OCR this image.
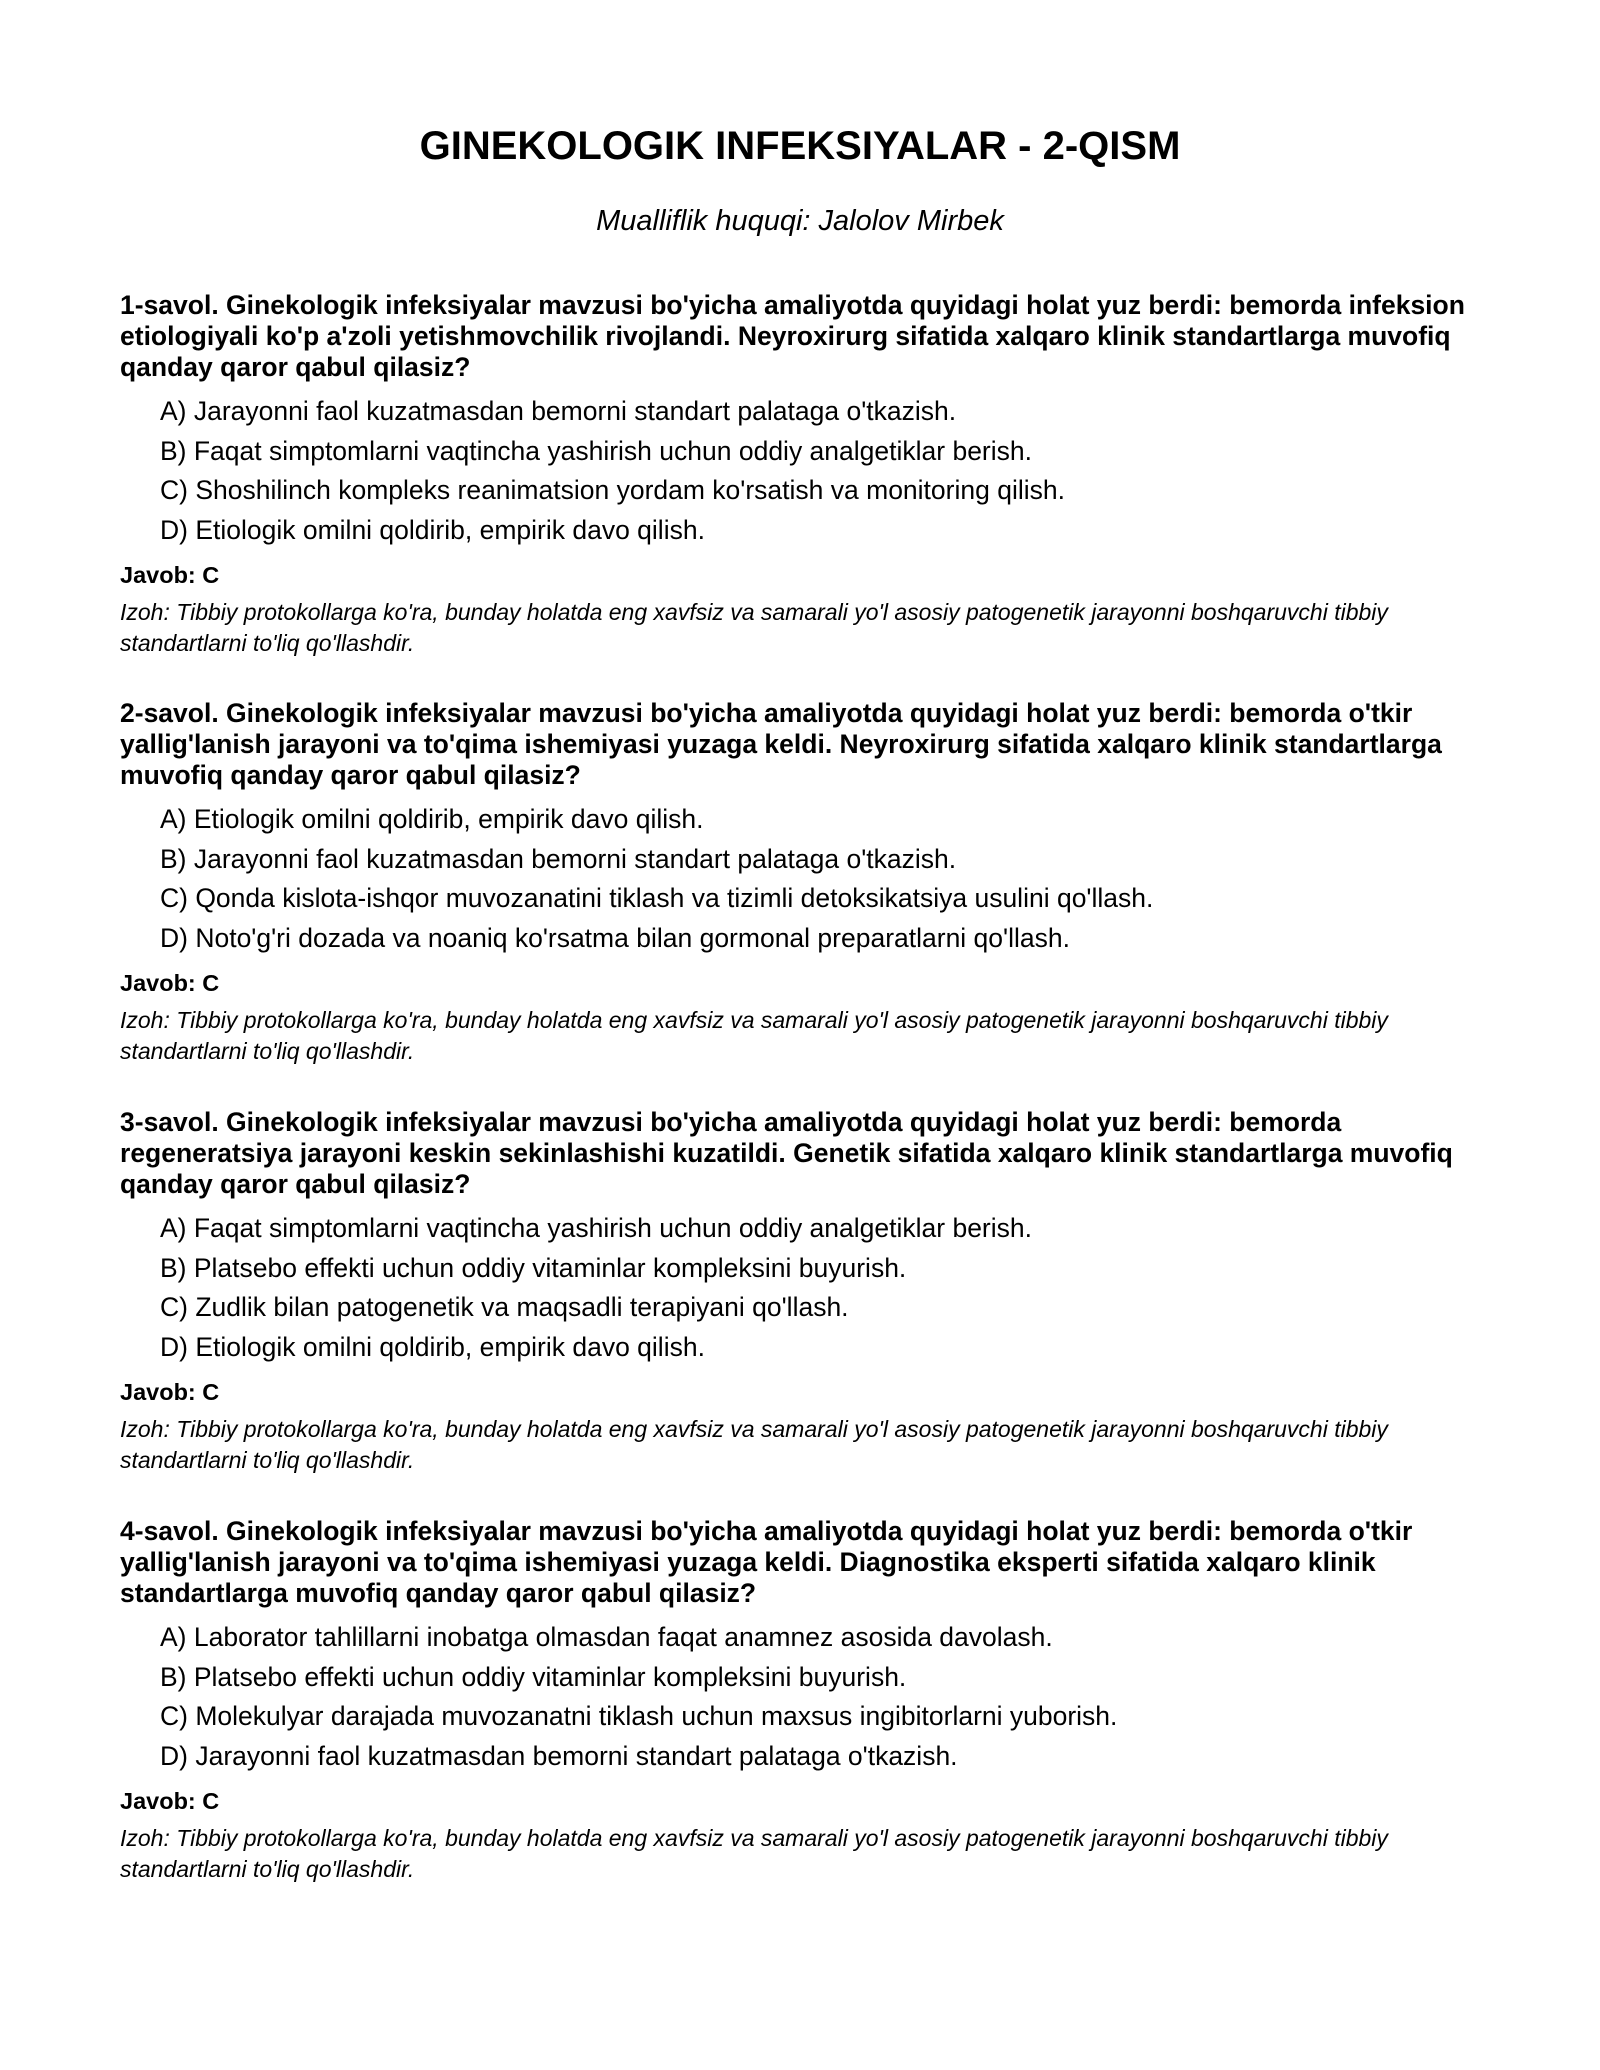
GINEKOLOGIK INFEKSIYALAR - 2-QISM

Mualliflik huquqi: Jalolov Mirbek

1-savol. Ginekologik infeksiyalar mavzusi bo'yicha amaliyotda quyidagi holat yuz berdi: bemorda infeksion etiologiyali ko'p a'zoli yetishmovchilik rivojlandi. Neyroxirurg sifatida xalqaro klinik standartlarga muvofiq qanday qaror qabul qilasiz?

A) Jarayonni faol kuzatmasdan bemorni standart palataga o'tkazish.
B) Faqat simptomlarni vaqtincha yashirish uchun oddiy analgetiklar berish.
C) Shoshilinch kompleks reanimatsion yordam ko'rsatish va monitoring qilish.
D) Etiologik omilni qoldirib, empirik davo qilish.

Javob: C

Izoh: Tibbiy protokollarga ko'ra, bunday holatda eng xavfsiz va samarali yo'l asosiy patogenetik jarayonni boshqaruvchi tibbiy standartlarni to'liq qo'llashdir.

2-savol. Ginekologik infeksiyalar mavzusi bo'yicha amaliyotda quyidagi holat yuz berdi: bemorda o'tkir yallig'lanish jarayoni va to'qima ishemiyasi yuzaga keldi. Neyroxirurg sifatida xalqaro klinik standartlarga muvofiq qanday qaror qabul qilasiz?

A) Etiologik omilni qoldirib, empirik davo qilish.
B) Jarayonni faol kuzatmasdan bemorni standart palataga o'tkazish.
C) Qonda kislota-ishqor muvozanatini tiklash va tizimli detoksikatsiya usulini qo'llash.
D) Noto'g'ri dozada va noaniq ko'rsatma bilan gormonal preparatlarni qo'llash.

Javob: C

Izoh: Tibbiy protokollarga ko'ra, bunday holatda eng xavfsiz va samarali yo'l asosiy patogenetik jarayonni boshqaruvchi tibbiy standartlarni to'liq qo'llashdir.

3-savol. Ginekologik infeksiyalar mavzusi bo'yicha amaliyotda quyidagi holat yuz berdi: bemorda regeneratsiya jarayoni keskin sekinlashishi kuzatildi. Genetik sifatida xalqaro klinik standartlarga muvofiq qanday qaror qabul qilasiz?

A) Faqat simptomlarni vaqtincha yashirish uchun oddiy analgetiklar berish.
B) Platsebo effekti uchun oddiy vitaminlar kompleksini buyurish.
C) Zudlik bilan patogenetik va maqsadli terapiyani qo'llash.
D) Etiologik omilni qoldirib, empirik davo qilish.

Javob: C

Izoh: Tibbiy protokollarga ko'ra, bunday holatda eng xavfsiz va samarali yo'l asosiy patogenetik jarayonni boshqaruvchi tibbiy standartlarni to'liq qo'llashdir.

4-savol. Ginekologik infeksiyalar mavzusi bo'yicha amaliyotda quyidagi holat yuz berdi: bemorda o'tkir yallig'lanish jarayoni va to'qima ishemiyasi yuzaga keldi. Diagnostika eksperti sifatida xalqaro klinik standartlarga muvofiq qanday qaror qabul qilasiz?

A) Laborator tahlillarni inobatga olmasdan faqat anamnez asosida davolash.
B) Platsebo effekti uchun oddiy vitaminlar kompleksini buyurish.
C) Molekulyar darajada muvozanatni tiklash uchun maxsus ingibitorlarni yuborish.
D) Jarayonni faol kuzatmasdan bemorni standart palataga o'tkazish.

Javob: C

Izoh: Tibbiy protokollarga ko'ra, bunday holatda eng xavfsiz va samarali yo'l asosiy patogenetik jarayonni boshqaruvchi tibbiy standartlarni to'liq qo'llashdir.
